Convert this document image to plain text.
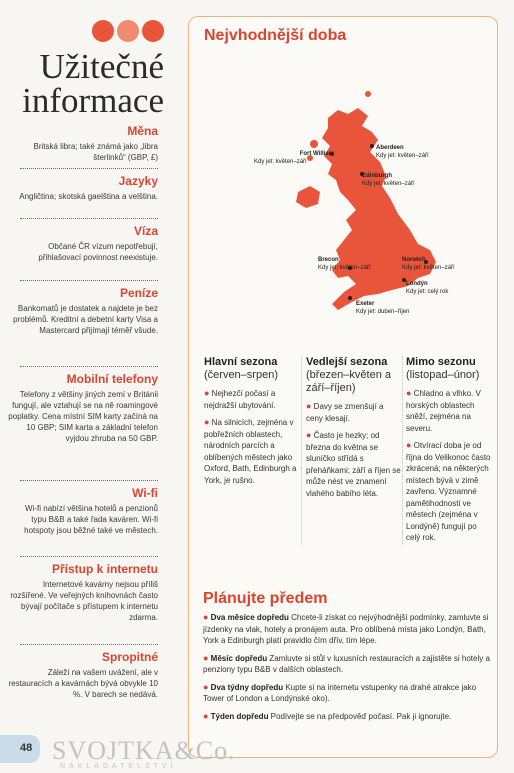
Užitečné
informace
Měna

Britská libra; také známá jako „libra šterlinků“ (GBP, £)

Jazyky

Angličtina; skotská gaelština a velština.

Víza

Občané ČR vízum nepotřebují, přihlašovací povinnost neexistuje.

Peníze

Bankomatů je dostatek a najdete je bez problémů. Kreditní a debetní karty Visa a Mastercard přijímají téměř všude.

Mobilní telefony

Telefony z většiny jiných zemí v Británii fungují, ale vztahují se na ně roamingové poplatky. Cena místní SIM karty začíná na 10 GBP; SIM karta a základní telefon vyjdou zhruba na 50 GBP.

Wi-fi

Wi-fi nabízí většina hotelů a penzionů typu B&B a také řada kaváren. Wi-fi hotspoty jsou běžné také ve městech.

Přístup k internetu

Internetové kavárny nejsou příliš rozšířené. Ve veřejných knihovnách často bývají počítače s přístupem k internetu zdarma.

Spropitné

Záleží na vašem uvážení, ale v restauracích a kavárnách bývá obvykle 10 %. V barech se nedává.

Nejvhodnější doba
Fort William
Kdy jet: květen–září
Aberdeen
Kdy jet: květen–září
Edinburgh
Kdy jet: květen–září
Brecon
Kdy jet: květen–září
Norwich
Kdy jet: květen–září
Londýn
Kdy jet: celý rok
Exeter
Kdy jet: duben–říjen
Hlavní sezona
(červen–srpen)

● Nejhezčí počasí a nejdražší ubytování.

● Na silnicích, zejména v pobřežních oblastech, národních parcích a oblíbených městech jako Oxford, Bath, Edinburgh a York, je rušno.

Vedlejší sezona
(březen–květen a září–říjen)

● Davy se zmenšují a ceny klesají.

● Často je hezky; od března do května se sluníčko střídá s přeháňkami; září a říjen se může nést ve znamení vlahého babího léta.

Mimo sezonu
(listopad–únor)

● Chladno a vlhko. V horských oblastech sněží, zejména na severu.

● Otvírací doba je od října do Velikonoc často zkrácená; na některých místech bývá v zimě zavřeno. Významné pamětihodnosti ve městech (zejména v Londýně) fungují po celý rok.

Plánujte předem
● Dva měsíce dopředu Chcete-li získat co nejvýhodnější podmínky, zamluvte si jízdenky na vlak, hotely a pronájem auta. Pro oblíbená místa jako Londýn, Bath, York a Edinburgh platí pravidlo čím dřív, tím lépe.
● Měsíc dopředu Zamluvte si stůl v luxusních restauracích a zajistěte si hotely a penziony typu B&B v dalších oblastech.
● Dva týdny dopředu Kupte si na internetu vstupenky na drahé atrakce jako Tower of London a Londýnské oko).
● Týden dopředu Podívejte se na předpověď počasí. Pak ji ignorujte.
48 SVOJTKA&Co.
NAKLADATELSTVÍ
